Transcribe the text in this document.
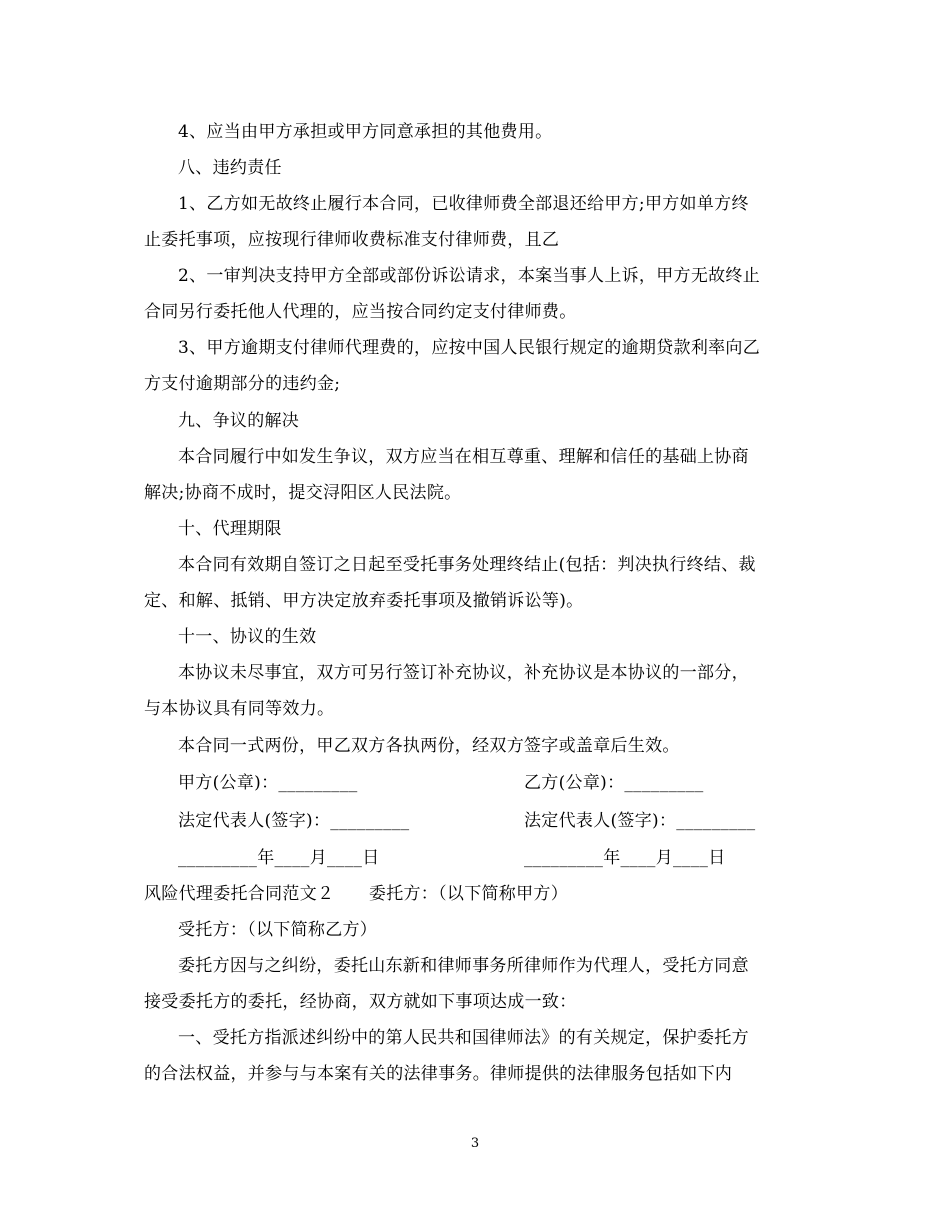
4、应当由甲方承担或甲方同意承担的其他费用。
八、违约责任
1、乙方如无故终止履行本合同，已收律师费全部退还给甲方;甲方如单方终
止委托事项，应按现行律师收费标准支付律师费，且乙
2、一审判决支持甲方全部或部份诉讼请求，本案当事人上诉，甲方无故终止
合同另行委托他人代理的，应当按合同约定支付律师费。
3、甲方逾期支付律师代理费的，应按中国人民银行规定的逾期贷款利率向乙
方支付逾期部分的违约金;
九、争议的解决
本合同履行中如发生争议，双方应当在相互尊重、理解和信任的基础上协商
解决;协商不成时，提交浔阳区人民法院。
十、代理期限
本合同有效期自签订之日起至受托事务处理终结止(包括：判决执行终结、裁
定、和解、抵销、甲方决定放弃委托事项及撤销诉讼等)。
十一、协议的生效
本协议未尽事宜，双方可另行签订补充协议，补充协议是本协议的一部分，
与本协议具有同等效力。
本合同一式两份，甲乙双方各执两份，经双方签字或盖章后生效。
甲方(公章)：_________	乙方(公章)：_________
法定代表人(签字)：_________	法定代表人(签字)：_________
_________年____月____日	_________年____月____日
风险代理委托合同范文２　　委托方：（以下简称甲方）
受托方：（以下简称乙方）
委托方因与之纠纷，委托山东新和律师事务所律师作为代理人，受托方同意
接受委托方的委托，经协商，双方就如下事项达成一致：
一、受托方指派述纠纷中的第人民共和国律师法》的有关规定，保护委托方
的合法权益，并参与与本案有关的法律事务。律师提供的法律服务包括如下内
3
